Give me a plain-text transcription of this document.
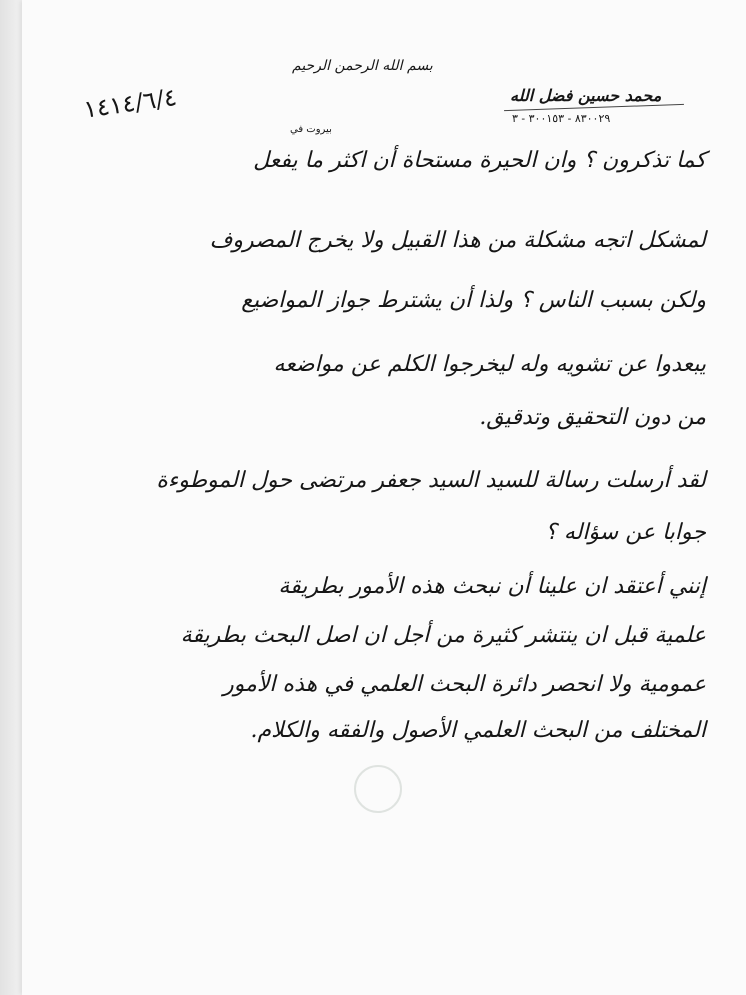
بسم الله الرحمن الرحيم
محمد حسين فضل الله
٨٣٠٠٢٩ - ٣٠٠١٥٣ - ٣
بيروت في
١٤١٤/٦/٤
كما تذكرون ؟ وان الحيرة مستحاة أن اكثر ما يفعل
لمشكل اتجه مشكلة من هذا القبيل ولا يخرج المصروف
ولكن بسبب الناس ؟ ولذا أن يشترط جواز المواضيع
يبعدوا عن تشويه وله ليخرجوا الكلم عن مواضعه
من دون التحقيق وتدقيق.
لقد أرسلت رسالة للسيد السيد جعفر مرتضى حول الموطوءة
جوابا عن سؤاله ؟
إنني أعتقد ان علينا أن نبحث هذه الأمور بطريقة
علمية قبل ان ينتشر كثيرة من أجل ان اصل البحث بطريقة
عمومية ولا انحصر دائرة البحث العلمي في هذه الأمور
المختلف من البحث العلمي الأصول والفقه والكلام.
